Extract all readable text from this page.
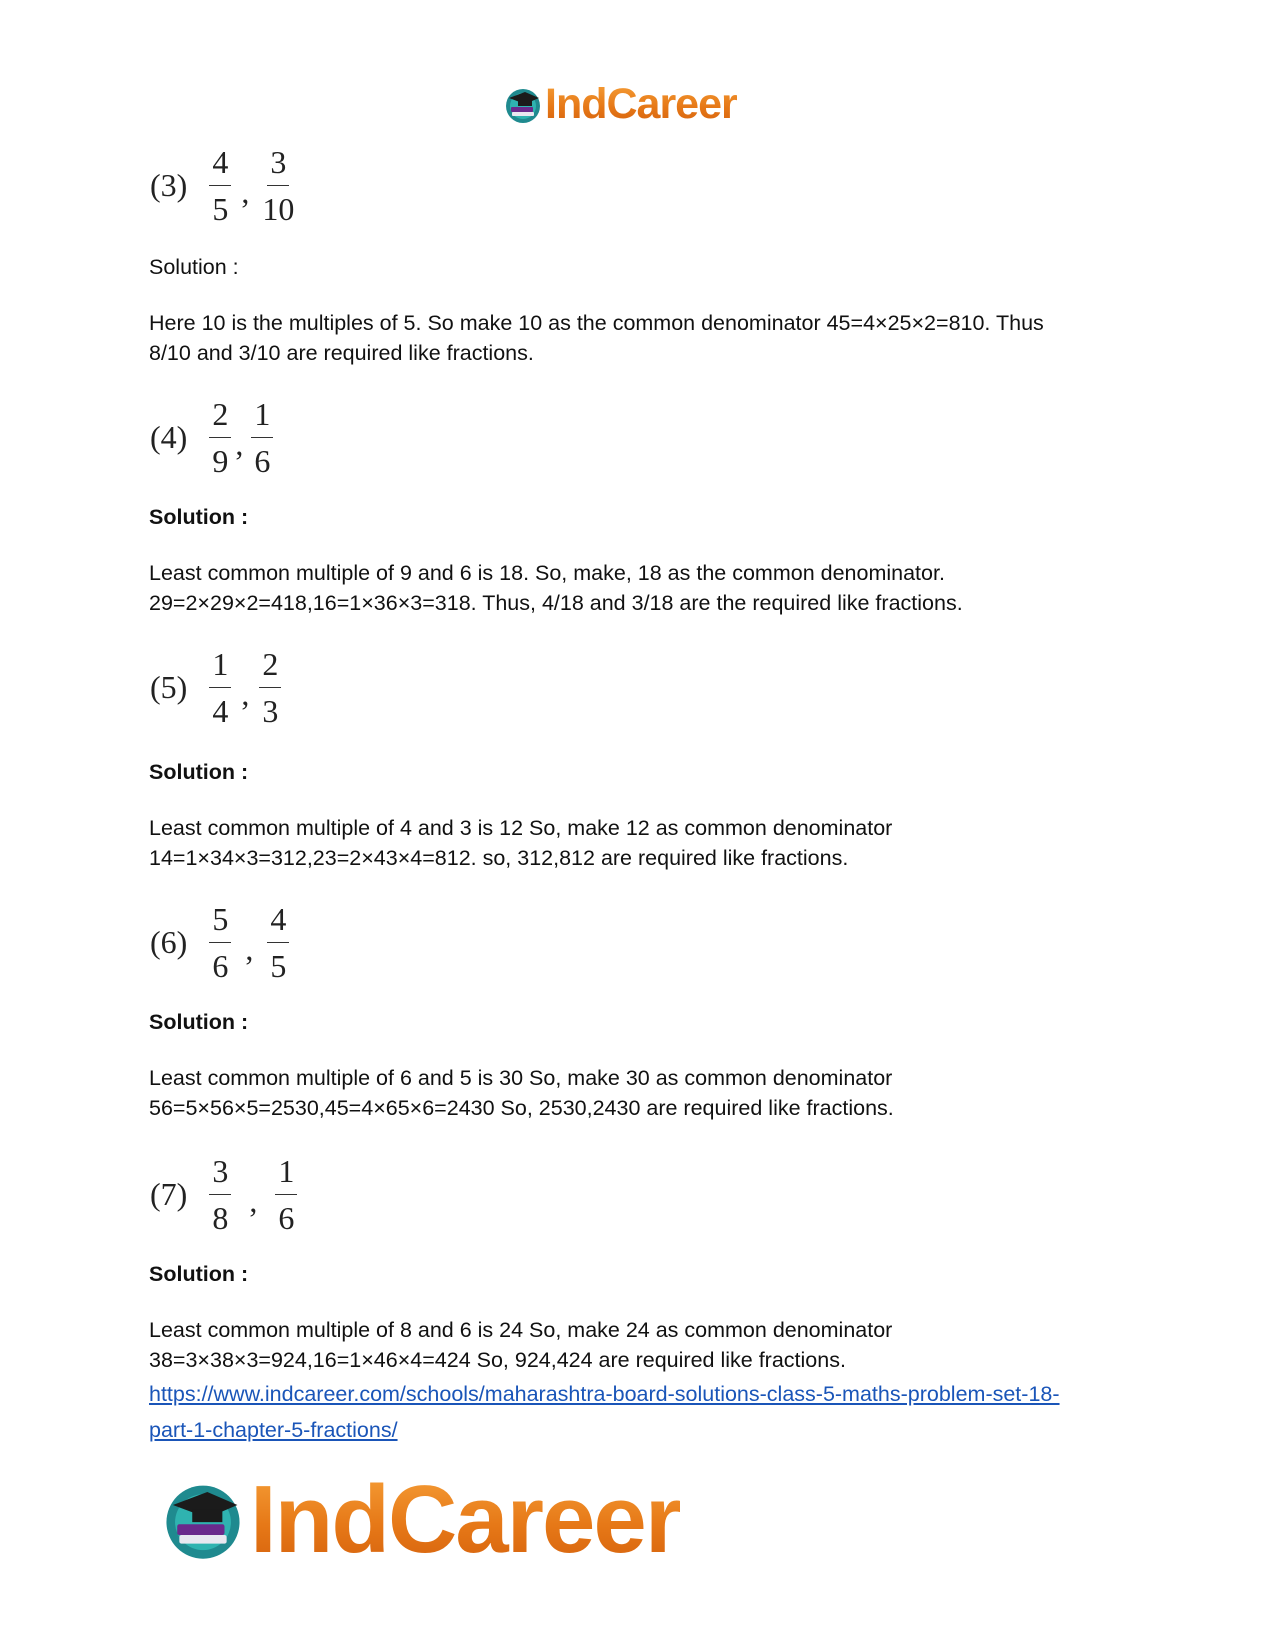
IndCareer
$(3) \frac{4}{5}$ , $\frac{3}{10}$
Solution :
Here 10 is the multiples of 5. So make 10 as the common denominator 45=4×25×2=810. Thus
8/10 and 3/10 are required like fractions.
$(4) \frac{2}{9}$ , $\frac{1}{6}$
Solution :
Least common multiple of 9 and 6 is 18. So, make, 18 as the common denominator.
29=2×29×2=418,16=1×36×3=318. Thus, 4/18 and 3/18 are the required like fractions.
$(5) \frac{1}{4}$ , $\frac{2}{3}$
Solution :
Least common multiple of 4 and 3 is 12 So, make 12 as common denominator
14=1×34×3=312,23=2×43×4=812. so, 312,812 are required like fractions.
$(6) \frac{5}{6}$ , $\frac{4}{5}$
Solution :
Least common multiple of 6 and 5 is 30 So, make 30 as common denominator
56=5×56×5=2530,45=4×65×6=2430 So, 2530,2430 are required like fractions.
$(7) \frac{3}{8}$ , $\frac{1}{6}$
Solution :
Least common multiple of 8 and 6 is 24 So, make 24 as common denominator
38=3×38×3=924,16=1×46×4=424 So, 924,424 are required like fractions.
https://www.indcareer.com/schools/maharashtra-board-solutions-class-5-maths-problem-set-18-
part-1-chapter-5-fractions/
IndCareer
